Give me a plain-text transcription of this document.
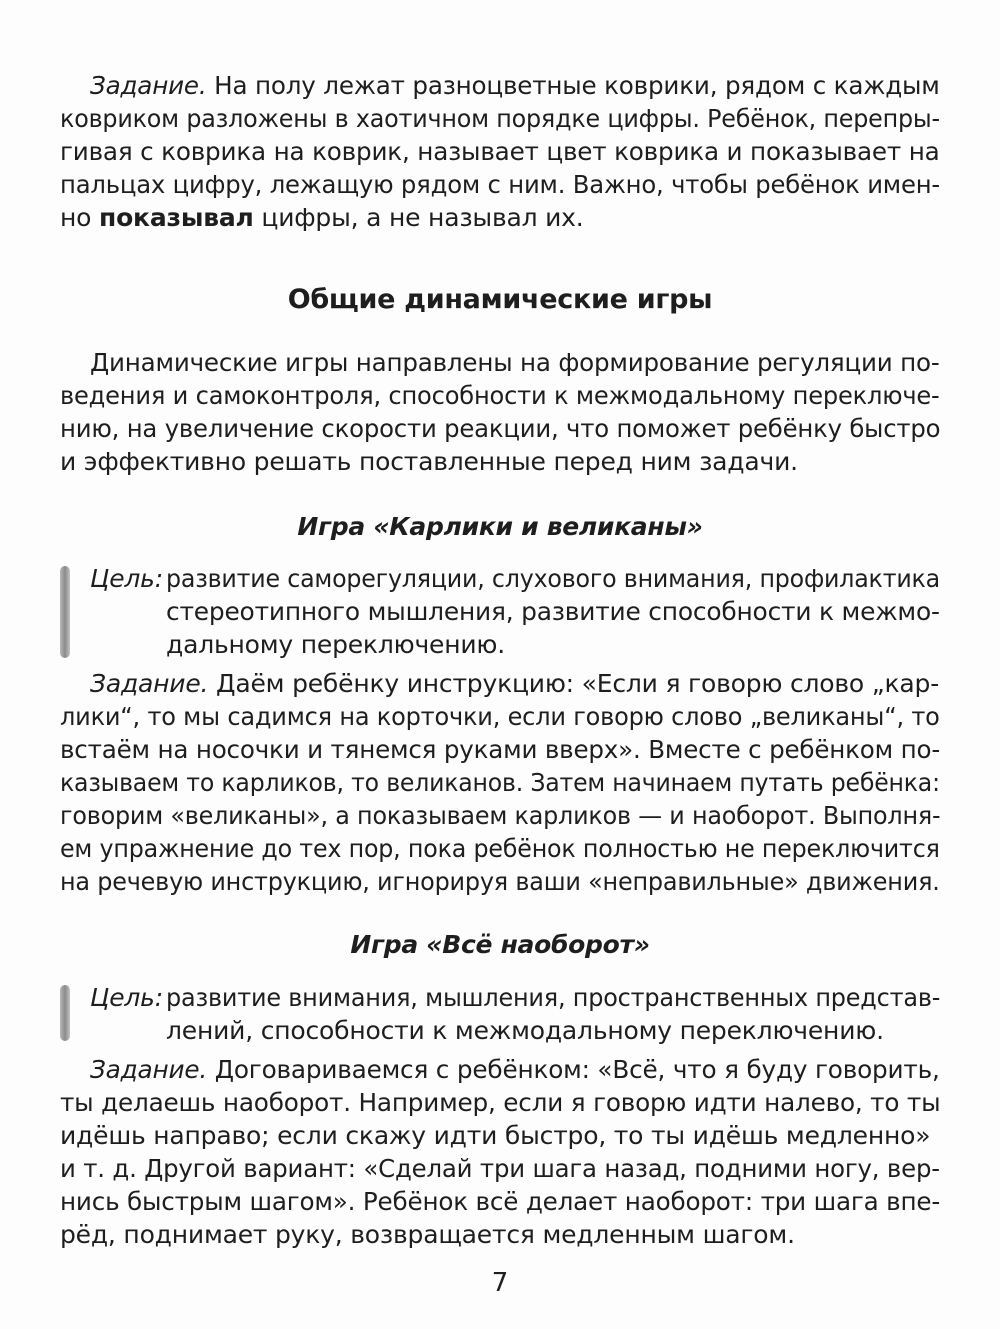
Задание. На полу лежат разноцветные коврики, рядом с каждым

ковриком разложены в хаотичном порядке цифры. Ребёнок, перепры-

гивая с коврика на коврик, называет цвет коврика и показывает на

пальцах цифру, лежащую рядом с ним. Важно, чтобы ребёнок имен-

но показывал цифры, а не называл их.

Общие динамические игры

Динамические игры направлены на формирование регуляции по-

ведения и самоконтроля, способности к межмодальному переключе-

нию, на увеличение скорости реакции, что поможет ребёнку быстро

и эффективно решать поставленные перед ним задачи.

Игра «Карлики и великаны»

Цель: развитие саморегуляции, слухового внимания, профилактика

стереотипного мышления, развитие способности к межмо-

дальному переключению.

Задание. Даём ребёнку инструкцию: «Если я говорю слово „кар-

лики“, то мы садимся на корточки, если говорю слово „великаны“, то

встаём на носочки и тянемся руками вверх». Вместе с ребёнком по-

казываем то карликов, то великанов. Затем начинаем путать ребёнка:

говорим «великаны», а показываем карликов — и наоборот. Выполня-

ем упражнение до тех пор, пока ребёнок полностью не переключится

на речевую инструкцию, игнорируя ваши «неправильные» движения.

Игра «Всё наоборот»

Цель: развитие внимания, мышления, пространственных представ-

лений, способности к межмодальному переключению.

Задание. Договариваемся с ребёнком: «Всё, что я буду говорить,

ты делаешь наоборот. Например, если я говорю идти налево, то ты

идёшь направо; если скажу идти быстро, то ты идёшь медленно»

и т. д. Другой вариант: «Сделай три шага назад, подними ногу, вер-

нись быстрым шагом». Ребёнок всё делает наоборот: три шага впе-

рёд, поднимает руку, возвращается медленным шагом.

7
